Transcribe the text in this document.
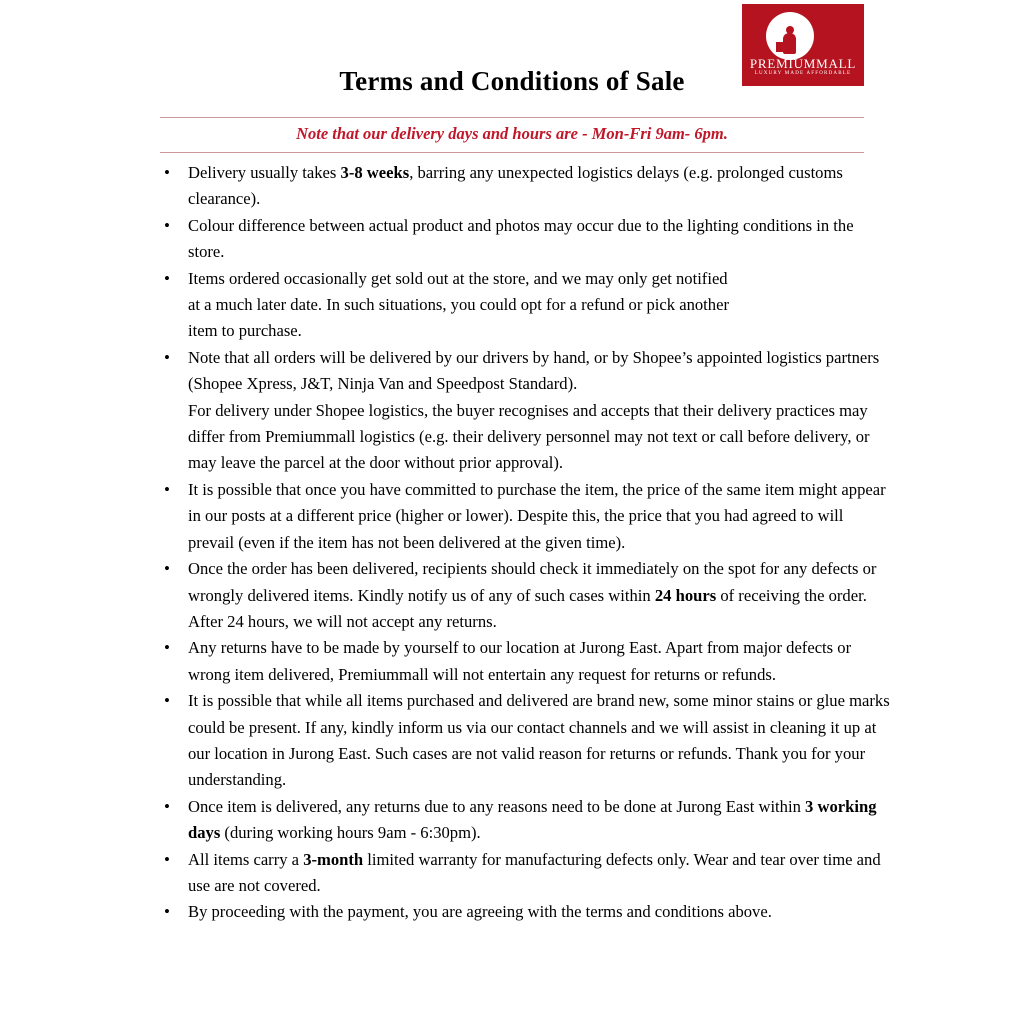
PREMIUMMALL
LUXURY MADE AFFORDABLE
Terms and Conditions of Sale
Note that our delivery days and hours are - Mon-Fri 9am- 6pm.
• Delivery usually takes 3-8 weeks, barring any unexpected logistics delays (e.g. prolonged customs clearance).
• Colour difference between actual product and photos may occur due to the lighting conditions in the store.
• Items ordered occasionally get sold out at the store, and we may only get notified
at a much later date. In such situations, you could opt for a refund or pick another
item to purchase.
• Note that all orders will be delivered by our drivers by hand, or by Shopee’s appointed logistics partners (Shopee Xpress, J&T, Ninja Van and Speedpost Standard).
For delivery under Shopee logistics, the buyer recognises and accepts that their delivery practices may differ from Premiummall logistics (e.g. their delivery personnel may not text or call before delivery, or may leave the parcel at the door without prior approval).
• It is possible that once you have committed to purchase the item, the price of the same item might appear in our posts at a different price (higher or lower). Despite this, the price that you had agreed to will prevail (even if the item has not been delivered at the given time).
• Once the order has been delivered, recipients should check it immediately on the spot for any defects or wrongly delivered items. Kindly notify us of any of such cases within 24 hours of receiving the order. After 24 hours, we will not accept any returns.
• Any returns have to be made by yourself to our location at Jurong East. Apart from major defects or wrong item delivered, Premiummall will not entertain any request for returns or refunds.
• It is possible that while all items purchased and delivered are brand new, some minor stains or glue marks could be present. If any, kindly inform us via our contact channels and we will assist in cleaning it up at our location in Jurong East. Such cases are not valid reason for returns or refunds. Thank you for your understanding.
• Once item is delivered, any returns due to any reasons need to be done at Jurong East within 3 working days (during working hours 9am - 6:30pm).
• All items carry a 3-month limited warranty for manufacturing defects only. Wear and tear over time and use are not covered.
• By proceeding with the payment, you are agreeing with the terms and conditions above.
